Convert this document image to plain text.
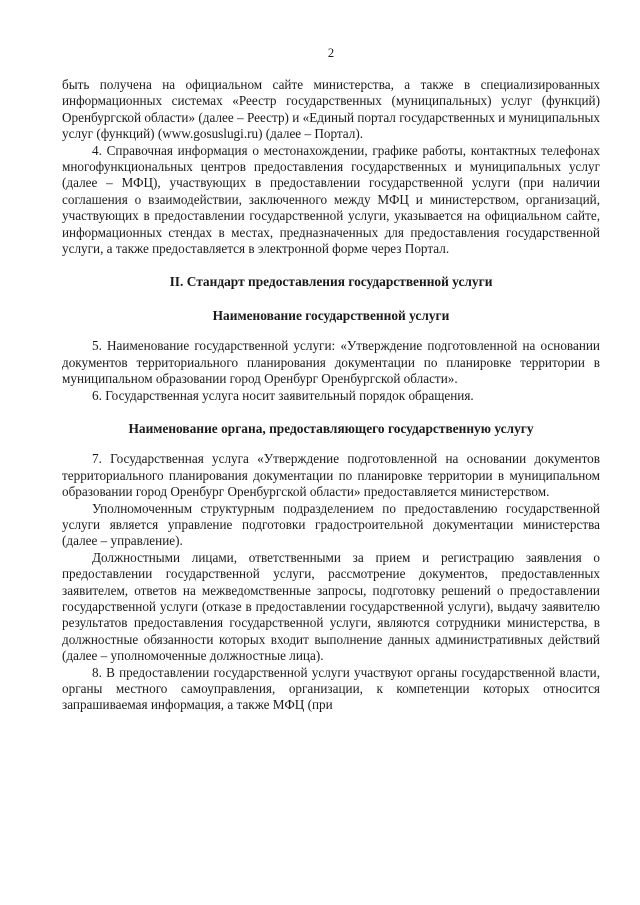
2

быть получена на официальном сайте министерства, а также в специализированных информационных системах «Реестр государственных (муниципальных) услуг (функций) Оренбургской области» (далее – Реестр) и «Единый портал государственных и муниципальных услуг (функций) (www.gosuslugi.ru) (далее – Портал).

4. Справочная информация о местонахождении, графике работы, контактных телефонах многофункциональных центров предоставления государственных и муниципальных услуг (далее – МФЦ), участвующих в предоставлении государственной услуги (при наличии соглашения о взаимодействии, заключенного между МФЦ и министерством, организаций, участвующих в предоставлении государственной услуги, указывается на официальном сайте, информационных стендах в местах, предназначенных для предоставления государственной услуги, а также предоставляется в электронной форме через Портал.

II. Стандарт предоставления государственной услуги
Наименование государственной услуги

5. Наименование государственной услуги: «Утверждение подготовленной на основании документов территориального планирования документации по планировке территории в муниципальном образовании город Оренбург Оренбургской области».

6. Государственная услуга носит заявительный порядок обращения.

Наименование органа, предоставляющего государственную услугу

7. Государственная услуга «Утверждение подготовленной на основании документов территориального планирования документации по планировке территории в муниципальном образовании город Оренбург Оренбургской области» предоставляется министерством.

Уполномоченным структурным подразделением по предоставлению государственной услуги является управление подготовки градостроительной документации министерства (далее – управление).

Должностными лицами, ответственными за прием и регистрацию заявления о предоставлении государственной услуги, рассмотрение документов, предоставленных заявителем, ответов на межведомственные запросы, подготовку решений о предоставлении государственной услуги (отказе в предоставлении государственной услуги), выдачу заявителю результатов предоставления государственной услуги, являются сотрудники министерства, в должностные обязанности которых входит выполнение данных административных действий (далее – уполномоченные должностные лица).

8. В предоставлении государственной услуги участвуют органы государственной власти, органы местного самоуправления, организации, к компетенции которых относится запрашиваемая информация, а также МФЦ (при
